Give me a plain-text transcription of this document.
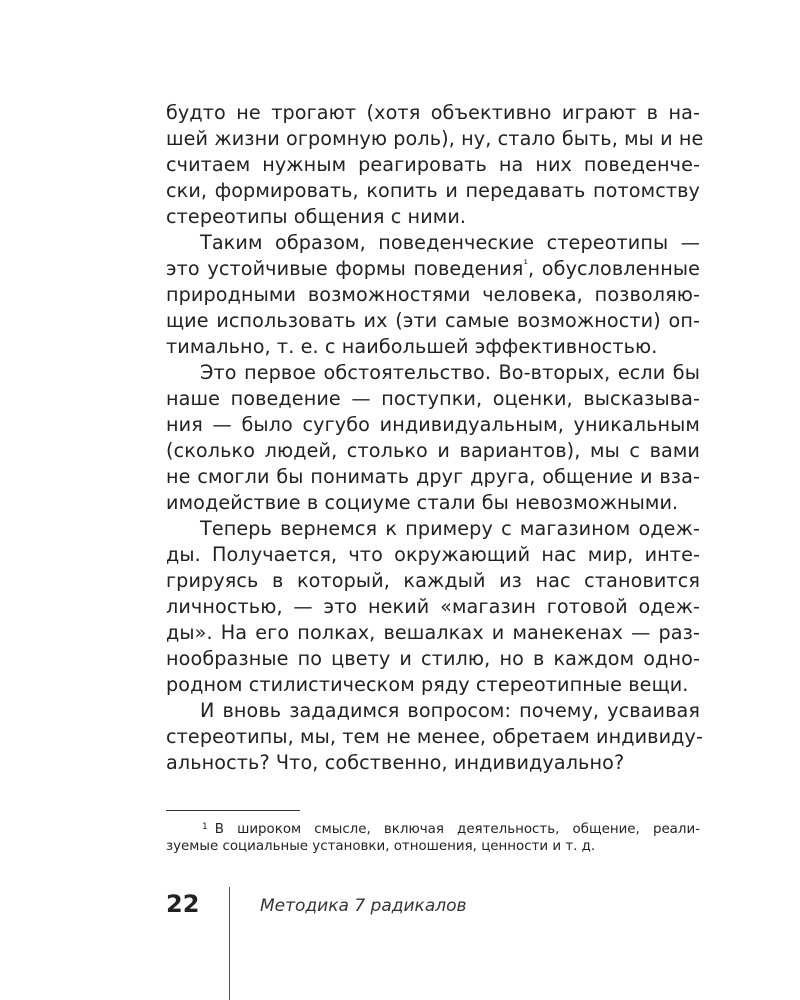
будто не трогают (хотя объективно играют в на-
шей жизни огромную роль), ну, стало быть, мы и не
считаем нужным реагировать на них поведенче-
ски, формировать, копить и передавать потомству
стереотипы общения с ними.
Таким образом, поведенческие стереотипы —
это устойчивые формы поведения$^{^1}$, обусловленные
природными возможностями человека, позволяю-
щие использовать их (эти самые возможности) оп-
тимально, т. е. с наибольшей эффективностью.
Это первое обстоятельство. Во-вторых, если бы
наше поведение — поступки, оценки, высказыва-
ния — было сугубо индивидуальным, уникальным
(сколько людей, столько и вариантов), мы с вами
не смогли бы понимать друг друга, общение и вза-
имодействие в социуме стали бы невозможными.
Теперь вернемся к примеру с магазином одеж-
ды. Получается, что окружающий нас мир, инте-
грируясь в который, каждый из нас становится
личностью, — это некий «магазин готовой одеж-
ды». На его полках, вешалках и манекенах — раз-
нообразные по цвету и стилю, но в каждом одно-
родном стилистическом ряду стереотипные вещи.
И вновь зададимся вопросом: почему, усваивая
стереотипы, мы, тем не менее, обретаем индивиду-
альность? Что, собственно, индивидуально?
$^1$ В широком смысле, включая деятельность, общение, реали-
зуемые социальные установки, отношения, ценности и т. д.
22	Методика 7 радикалов
